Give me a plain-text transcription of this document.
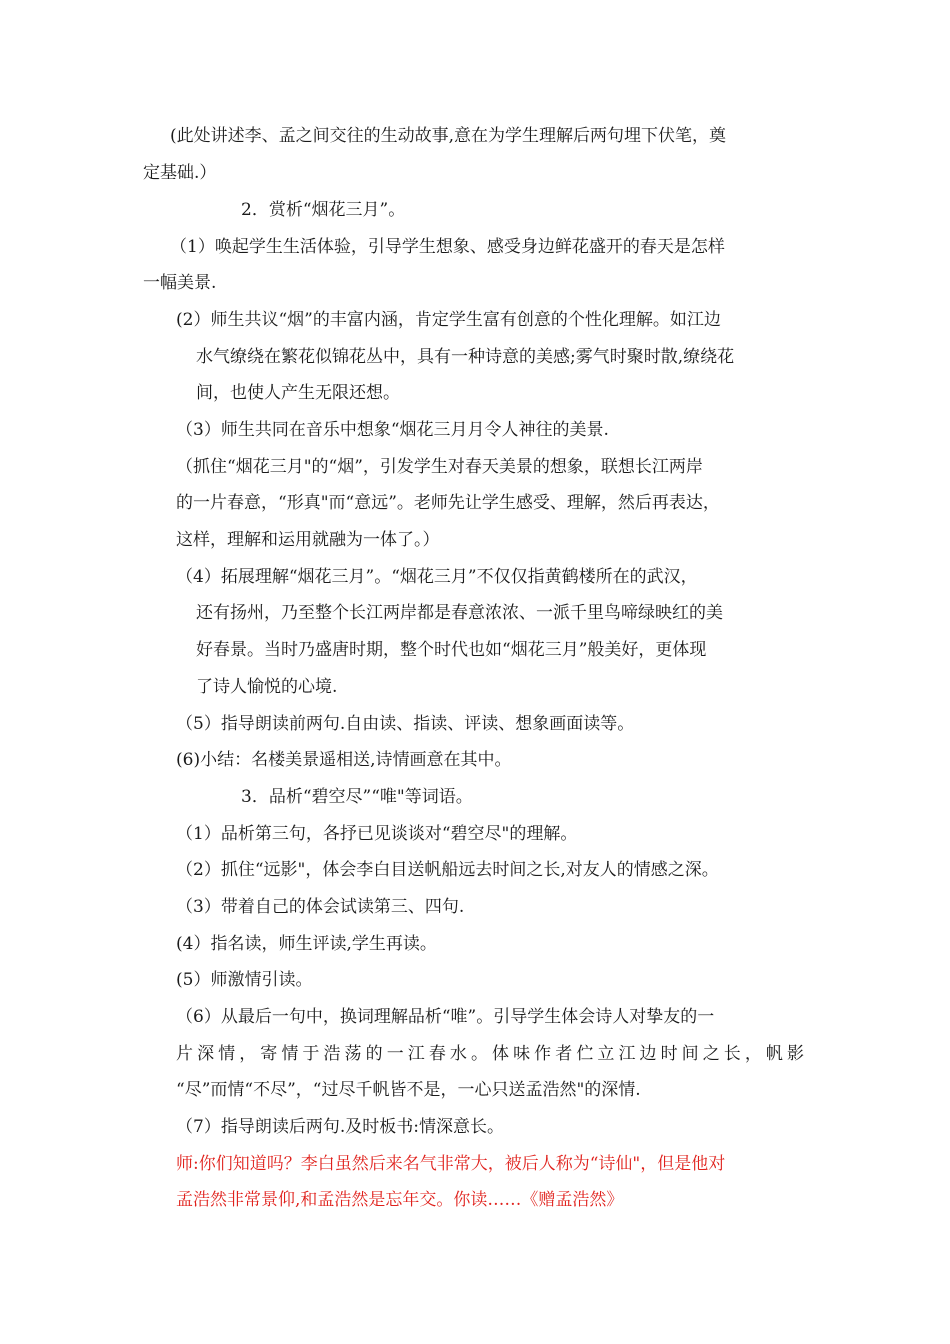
(此处讲述李、孟之间交往的生动故事,意在为学生理解后两句埋下伏笔，奠
定基础.）
2．赏析“烟花三月”。
（1）唤起学生生活体验，引导学生想象、感受身边鲜花盛开的春天是怎样
一幅美景.
(2）师生共议“烟”的丰富内涵，肯定学生富有创意的个性化理解。如江边
水气缭绕在繁花似锦花丛中，具有一种诗意的美感;雾气时聚时散,缭绕花
间，也使人产生无限还想。
（3）师生共同在音乐中想象“烟花三月月令人神往的美景.
（抓住“烟花三月"的“烟”，引发学生对春天美景的想象，联想长江两岸
的一片春意，“形真"而“意远”。老师先让学生感受、理解，然后再表达，
这样，理解和运用就融为一体了。）
（4）拓展理解“烟花三月”。“烟花三月”不仅仅指黄鹤楼所在的武汉，
还有扬州，乃至整个长江两岸都是春意浓浓、一派千里鸟啼绿映红的美
好春景。当时乃盛唐时期，整个时代也如“烟花三月”般美好，更体现
了诗人愉悦的心境.
（5）指导朗读前两句.自由读、指读、评读、想象画面读等。
(6)小结：名楼美景遥相送,诗情画意在其中。
3．品析“碧空尽”“唯"等词语。
（1）品析第三句，各抒已见谈谈对“碧空尽"的理解。
（2）抓住“远影"，体会李白目送帆船远去时间之长,对友人的情感之深。
（3）带着自己的体会试读第三、四句.
(4）指名读，师生评读,学生再读。
(5）师激情引读。
（6）从最后一句中，换词理解品析“唯”。引导学生体会诗人对挚友的一
片深情，寄情于浩荡的一江春水。体味作者伫立江边时间之长，帆影
“尽”而情“不尽”，“过尽千帆皆不是，一心只送孟浩然"的深情.
（7）指导朗读后两句.及时板书:情深意长。
师:你们知道吗？李白虽然后来名气非常大，被后人称为“诗仙"，但是他对
孟浩然非常景仰,和孟浩然是忘年交。你读……《赠孟浩然》
